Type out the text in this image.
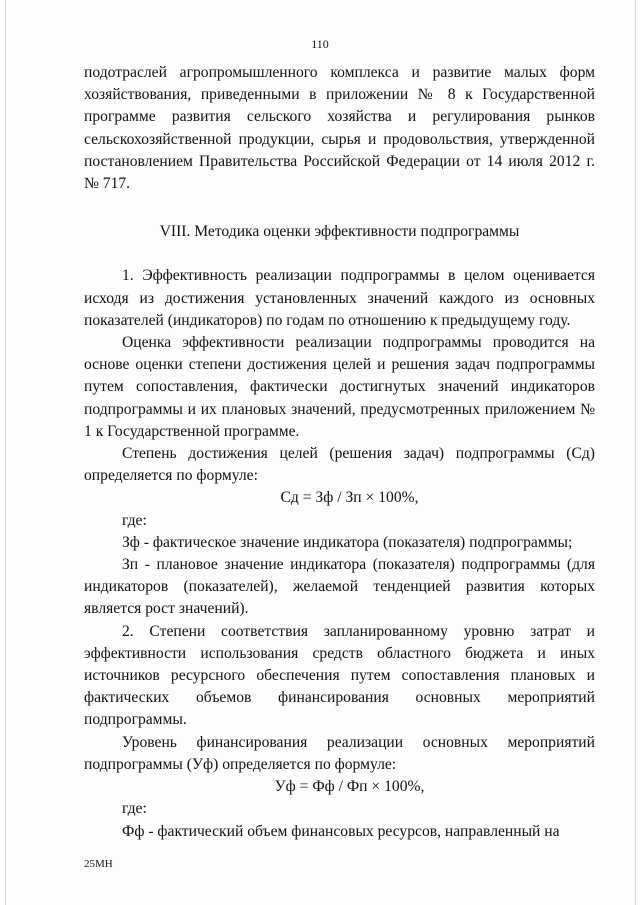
110

подотраслей агропромышленного комплекса и развитие малых форм хозяйствования, приведенными в приложении № 8 к Государственной программе развития сельского хозяйства и регулирования рынков сельскохозяйственной продукции, сырья и продовольствия, утвержденной постановлением Правительства Российской Федерации от 14 июля 2012 г. № 717.

VIII. Методика оценки эффективности подпрограммы

1. Эффективность реализации подпрограммы в целом оценивается исходя из достижения установленных значений каждого из основных показателей (индикаторов) по годам по отношению к предыдущему году.

Оценка эффективности реализации подпрограммы проводится на основе оценки степени достижения целей и решения задач подпрограммы путем сопоставления, фактически достигнутых значений индикаторов подпрограммы и их плановых значений, предусмотренных приложением № 1 к Государственной программе.

Степень достижения целей (решения задач) подпрограммы (Сд) определяется по формуле:

Сд = Зф / Зп × 100%,

где:

Зф - фактическое значение индикатора (показателя) подпрограммы;

Зп - плановое значение индикатора (показателя) подпрограммы (для индикаторов (показателей), желаемой тенденцией развития которых является рост значений).

2. Степени соответствия запланированному уровню затрат и эффективности использования средств областного бюджета и иных источников ресурсного обеспечения путем сопоставления плановых и фактических объемов финансирования основных мероприятий подпрограммы.

Уровень финансирования реализации основных мероприятий подпрограммы (Уф) определяется по формуле:

Уф = Фф / Фп × 100%,

где:

Фф - фактический объем финансовых ресурсов, направленный на

25МН
